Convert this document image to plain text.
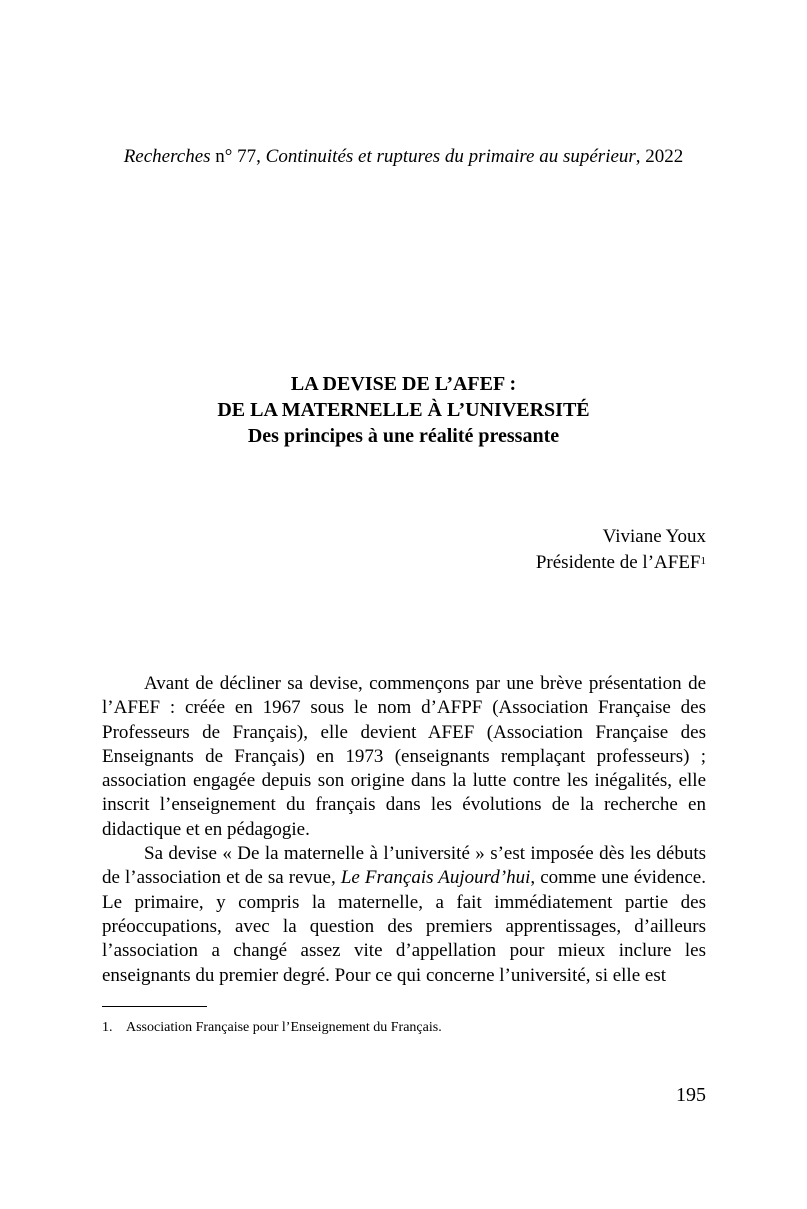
Recherches n° 77, Continuités et ruptures du primaire au supérieur, 2022
LA DEVISE DE L’AFEF :
DE LA MATERNELLE À L’UNIVERSITÉ
Des principes à une réalité pressante
Viviane Youx
Présidente de l’AFEF$^1$

Avant de décliner sa devise, commençons par une brève présentation de l’AFEF : créée en 1967 sous le nom d’AFPF (Association Française des Professeurs de Français), elle devient AFEF (Association Française des Enseignants de Français) en 1973 (enseignants remplaçant professeurs) ; association engagée depuis son origine dans la lutte contre les inégalités, elle inscrit l’enseignement du français dans les évolutions de la recherche en didactique et en pédagogie.

Sa devise « De la maternelle à l’université » s’est imposée dès les débuts de l’association et de sa revue, Le Français Aujourd’hui, comme une évidence. Le primaire, y compris la maternelle, a fait immédiatement partie des préoccupations, avec la question des premiers apprentissages, d’ailleurs l’association a changé assez vite d’appellation pour mieux inclure les enseignants du premier degré. Pour ce qui concerne l’université, si elle est

1. Association Française pour l’Enseignement du Français.
195
